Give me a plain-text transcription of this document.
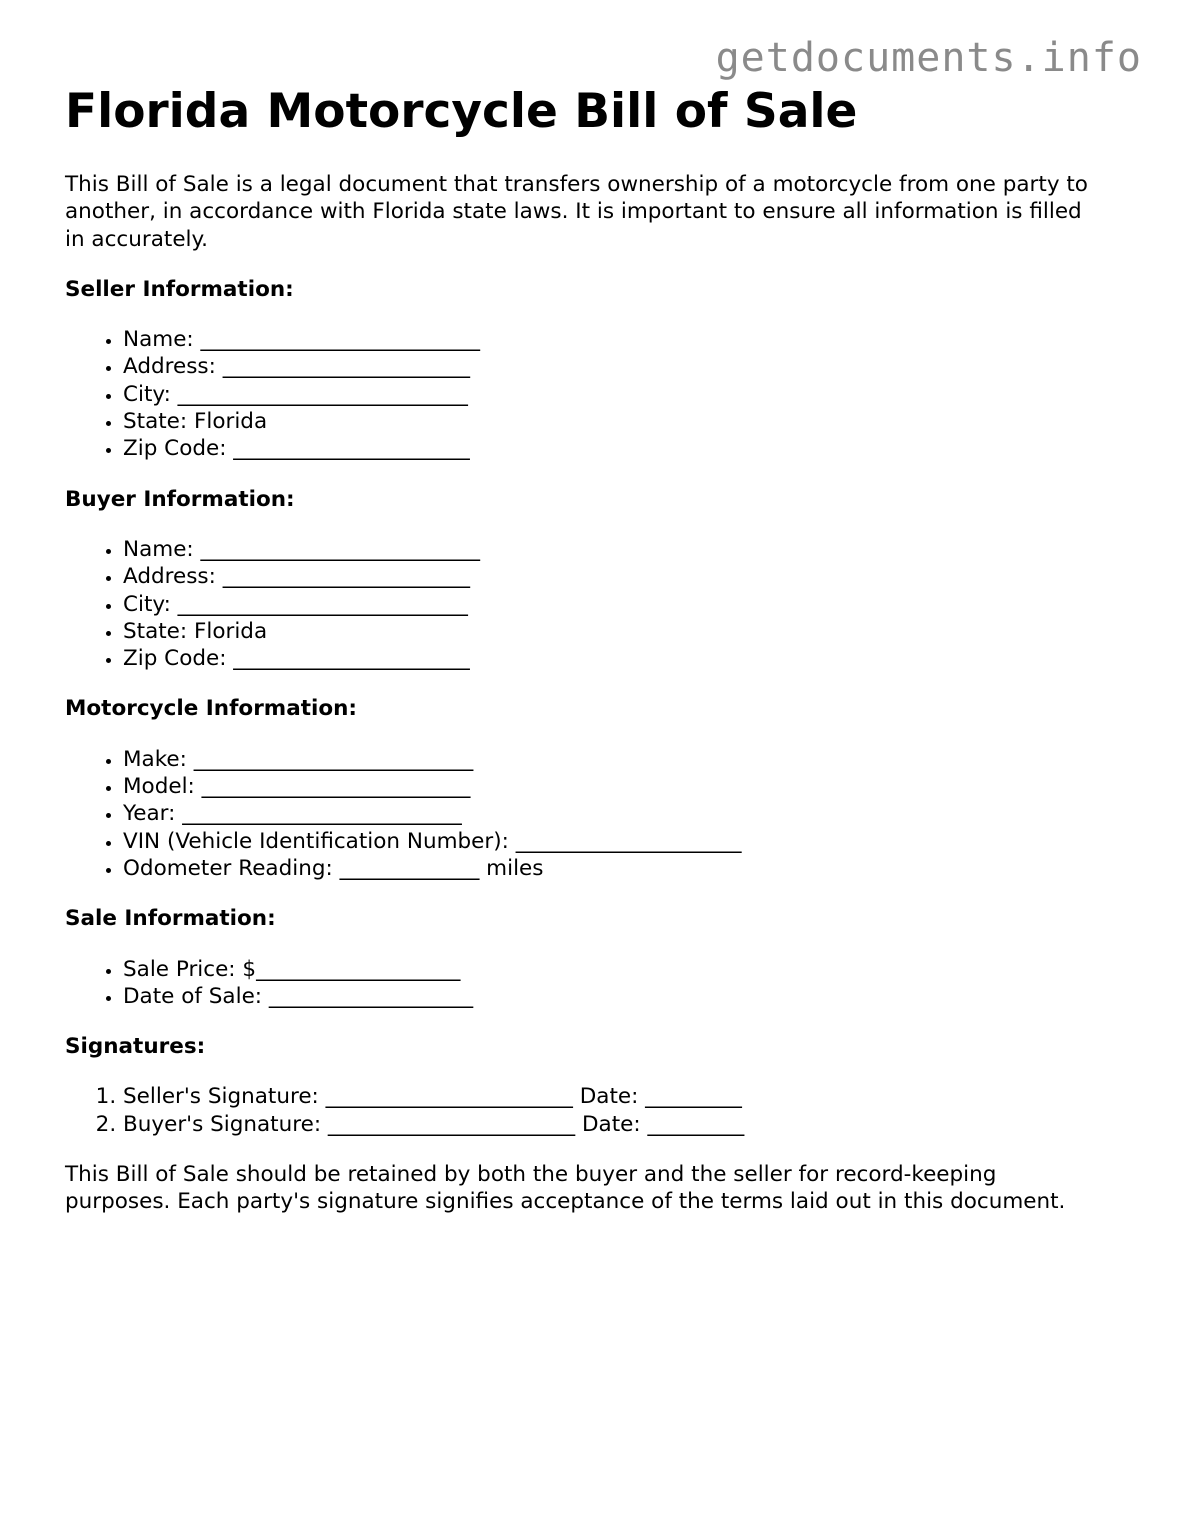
getdocuments.info
Florida Motorcycle Bill of Sale

This Bill of Sale is a legal document that transfers ownership of a motorcycle from one party to another, in accordance with Florida state laws. It is important to ensure all information is filled in accurately.

Seller Information:
• Name: __________________________
• Address: _______________________
• City: ___________________________
• State: Florida
• Zip Code: ______________________
Buyer Information:
• Name: __________________________
• Address: _______________________
• City: ___________________________
• State: Florida
• Zip Code: ______________________
Motorcycle Information:
• Make: __________________________
• Model: _________________________
• Year: __________________________
• VIN (Vehicle Identification Number): _____________________
• Odometer Reading: _____________ miles
Sale Information:
• Sale Price: $___________________
• Date of Sale: ___________________
Signatures:
1. Seller's Signature: _______________________ Date: _________
2. Buyer's Signature: _______________________ Date: _________

This Bill of Sale should be retained by both the buyer and the seller for record-keeping purposes. Each party's signature signifies acceptance of the terms laid out in this document.
